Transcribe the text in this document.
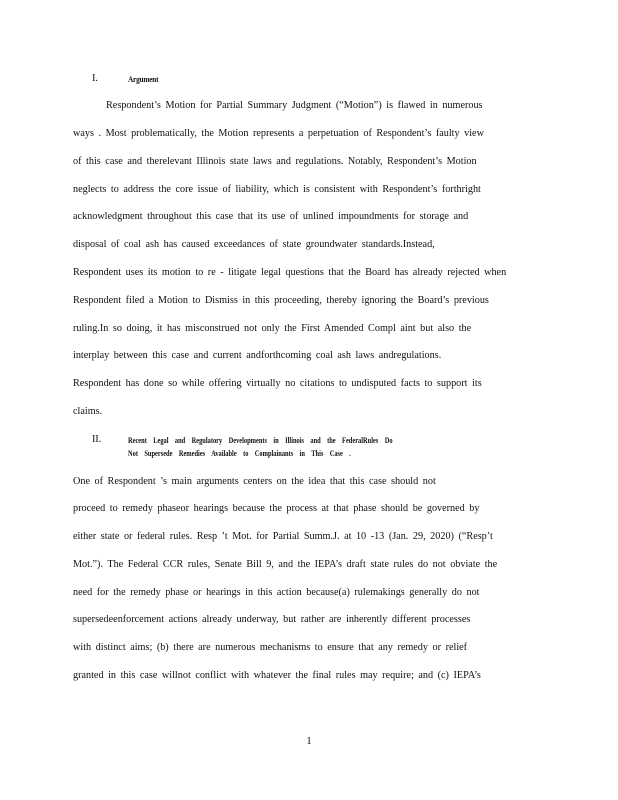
I.	Argument
Respondent’s Motion for Partial Summary Judgment (“Motion”) is flawed in numerous
ways . Most problematically, the Motion represents a perpetuation of Respondent’s faulty view
of this case and therelevant Illinois state laws and regulations. Notably, Respondent’s Motion
neglects to address the core issue of liability, which is consistent with Respondent’s forthright
acknowledgment throughout this case that its use of unlined impoundments for storage and
disposal of coal ash has caused exceedances of state groundwater standards.Instead,
Respondent uses its motion to re - litigate legal questions that the Board has already rejected when
Respondent filed a Motion to Dismiss in this proceeding, thereby ignoring the Board’s previous
ruling.In so doing, it has misconstrued not only the First Amended Compl aint but also the
interplay between this case and current andforthcoming coal ash laws andregulations.
Respondent has done so while offering virtually no citations to undisputed facts to support its
claims.
II.	Recent Legal and Regulatory Developments in Illinois and the FederalRules Do
Not Supersede Remedies Available to Complainants in This Case .
One of Respondent ’s main arguments centers on the idea that this case should not
proceed to remedy phaseor hearings because the process at that phase should be governed by
either state or federal rules. Resp ’t Mot. for Partial Summ.J. at 10 -13 (Jan. 29, 2020) (“Resp’t
Mot.”). The Federal CCR rules, Senate Bill 9, and the IEPA’s draft state rules do not obviate the
need for the remedy phase or hearings in this action because(a) rulemakings generally do not
supersedeenforcement actions already underway, but rather are inherently different processes
with distinct aims; (b) there are numerous mechanisms to ensure that any remedy or relief
granted in this case willnot conflict with whatever the final rules may require; and (c) IEPA’s
1
